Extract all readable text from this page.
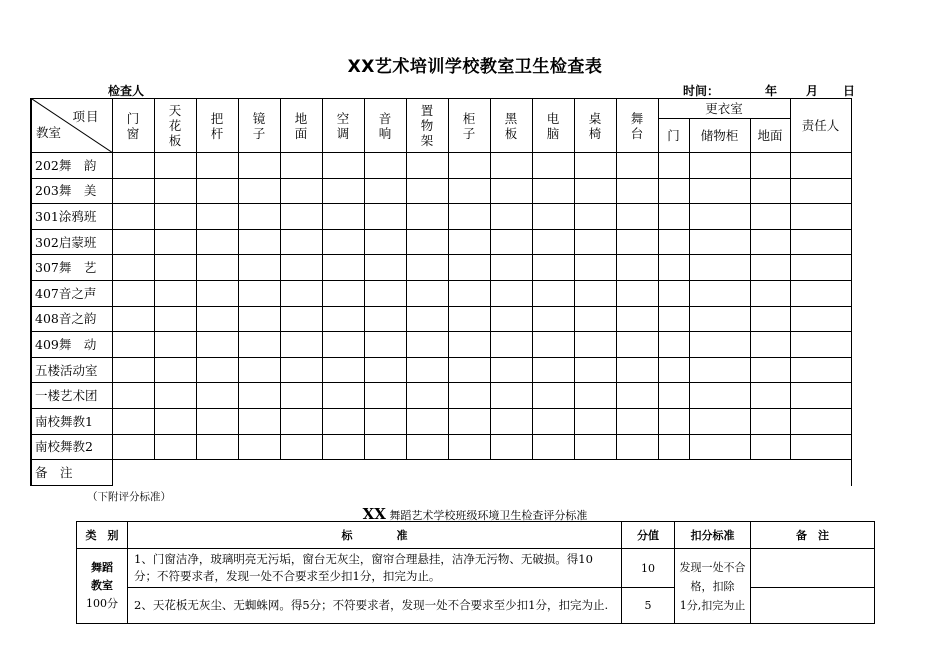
XX艺术培训学校教室卫生检查表
检查人	时间：	年 月 日
项目
教室	门窗	天花板	把杆	镜子	地面	空调	音响	置物架	柜子	黑板	电脑	桌椅	舞台	更衣室			责任人
														门	储物柜	地面	
202舞　韵																	
203舞　美																	
301涂鸦班																	
302启蒙班																	
307舞　艺																	
407音之声																	
408音之韵																	
409舞　动																	
五楼活动室																	
一楼艺术团																	
南校舞教1																	
南校舞教2																	
备　注																	
（下附评分标准）
XX 舞蹈艺术学校班级环境卫生检查评分标准
类　别	标　　　　准	分值	扣分标准	备　注

舞蹈
教室
100分	1、门窗洁净，玻璃明亮无污垢，窗台无灰尘，窗帘合理悬挂，洁净无污物、无破损。得10分；不符要求者，发现一处不合要求至少扣1分，扣完为止。	10	发现一处不合格，扣除
1分,扣完为止	
	2、天花板无灰尘、无蜘蛛网。得5分；不符要求者，发现一处不合要求至少扣1分，扣完为止.	5		
